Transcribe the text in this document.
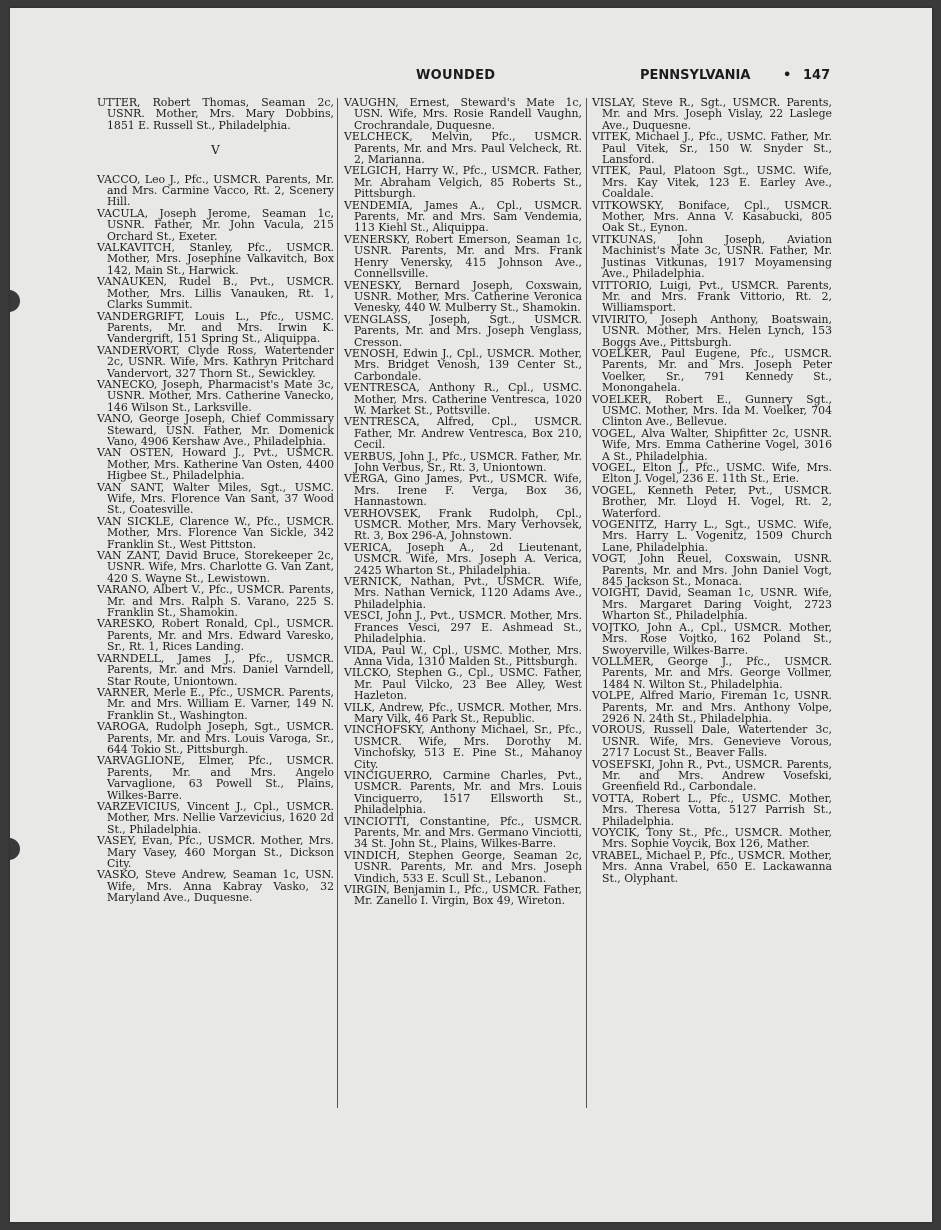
WOUNDED	PENNSYLVANIA	• 147

UTTER, Robert Thomas, Seaman 2c, USNR. Mother, Mrs. Mary Dobbins, 1851 E. Russell St., Philadelphia.

V

VACCO, Leo J., Pfc., USMCR. Parents, Mr. and Mrs. Carmine Vacco, Rt. 2, Scenery Hill.

VACULA, Joseph Jerome, Seaman 1c, USNR. Father, Mr. John Vacula, 215 Orchard St., Exeter.

VALKAVITCH, Stanley, Pfc., USMCR. Mother, Mrs. Josephine Valkavitch, Box 142, Main St., Harwick.

VANAUKEN, Rudel B., Pvt., USMCR. Mother, Mrs. Lillis Vanauken, Rt. 1, Clarks Summit.

VANDERGRIFT, Louis L., Pfc., USMC. Parents, Mr. and Mrs. Irwin K. Vandergrift, 151 Spring St., Aliquippa.

VANDERVORT, Clyde Ross, Watertender 2c, USNR. Wife, Mrs. Kathryn Pritchard Vandervort, 327 Thorn St., Sewickley.

VANECKO, Joseph, Pharmacist's Mate 3c, USNR. Mother, Mrs. Catherine Vanecko, 146 Wilson St., Larksville.

VANO, George Joseph, Chief Commissary Steward, USN. Father, Mr. Domenick Vano, 4906 Kershaw Ave., Philadelphia.

VAN OSTEN, Howard J., Pvt., USMCR. Mother, Mrs. Katherine Van Osten, 4400 Higbee St., Philadelphia.

VAN SANT, Walter Miles, Sgt., USMC. Wife, Mrs. Florence Van Sant, 37 Wood St., Coatesville.

VAN SICKLE, Clarence W., Pfc., USMCR. Mother, Mrs. Florence Van Sickle, 342 Franklin St., West Pittston.

VAN ZANT, David Bruce, Storekeeper 2c, USNR. Wife, Mrs. Charlotte G. Van Zant, 420 S. Wayne St., Lewistown.

VARANO, Albert V., Pfc., USMCR. Parents, Mr. and Mrs. Ralph S. Varano, 225 S. Franklin St., Shamokin.

VARESKO, Robert Ronald, Cpl., USMCR. Parents, Mr. and Mrs. Edward Varesko, Sr., Rt. 1, Rices Landing.

VARNDELL, James J., Pfc., USMCR. Parents, Mr. and Mrs. Daniel Varndell, Star Route, Uniontown.

VARNER, Merle E., Pfc., USMCR. Parents, Mr. and Mrs. William E. Varner, 149 N. Franklin St., Washington.

VAROGA, Rudolph Joseph, Sgt., USMCR. Parents, Mr. and Mrs. Louis Varoga, Sr., 644 Tokio St., Pittsburgh.

VARVAGLIONE, Elmer, Pfc., USMCR. Parents, Mr. and Mrs. Angelo Varvaglione, 63 Powell St., Plains, Wilkes-Barre.

VARZEVICIUS, Vincent J., Cpl., USMCR. Mother, Mrs. Nellie Varzevicius, 1620 2d St., Philadelphia.

VASEY, Evan, Pfc., USMCR. Mother, Mrs. Mary Vasey, 460 Morgan St., Dickson City.

VASKO, Steve Andrew, Seaman 1c, USN. Wife, Mrs. Anna Kabray Vasko, 32 Maryland Ave., Duquesne.

VAUGHN, Ernest, Steward's Mate 1c, USN. Wife, Mrs. Rosie Randell Vaughn, Crochrandale, Duquesne.

VELCHECK, Melvin, Pfc., USMCR. Parents, Mr. and Mrs. Paul Velcheck, Rt. 2, Marianna.

VELGICH, Harry W., Pfc., USMCR. Father, Mr. Abraham Velgich, 85 Roberts St., Pittsburgh.

VENDEMIA, James A., Cpl., USMCR. Parents, Mr. and Mrs. Sam Vendemia, 113 Kiehl St., Aliquippa.

VENERSKY, Robert Emerson, Seaman 1c, USNR. Parents, Mr. and Mrs. Frank Henry Venersky, 415 Johnson Ave., Connellsville.

VENESKY, Bernard Joseph, Coxswain, USNR. Mother, Mrs. Catherine Veronica Venesky, 440 W. Mulberry St., Shamokin.

VENGLASS, Joseph, Sgt., USMCR. Parents, Mr. and Mrs. Joseph Venglass, Cresson.

VENOSH, Edwin J., Cpl., USMCR. Mother, Mrs. Bridget Venosh, 139 Center St., Carbondale.

VENTRESCA, Anthony R., Cpl., USMC. Mother, Mrs. Catherine Ventresca, 1020 W. Market St., Pottsville.

VENTRESCA, Alfred, Cpl., USMCR. Father, Mr. Andrew Ventresca, Box 210, Cecil.

VERBUS, John J., Pfc., USMCR. Father, Mr. John Verbus, Sr., Rt. 3, Uniontown.

VERGA, Gino James, Pvt., USMCR. Wife, Mrs. Irene F. Verga, Box 36, Hannastown.

VERHOVSEK, Frank Rudolph, Cpl., USMCR. Mother, Mrs. Mary Verhovsek, Rt. 3, Box 296-A, Johnstown.

VERICA, Joseph A., 2d Lieutenant, USMCR. Wife, Mrs. Joseph A. Verica, 2425 Wharton St., Philadelphia.

VERNICK, Nathan, Pvt., USMCR. Wife, Mrs. Nathan Vernick, 1120 Adams Ave., Philadelphia.

VESCI, John J., Pvt., USMCR. Mother, Mrs. Frances Vesci, 297 E. Ashmead St., Philadelphia.

VIDA, Paul W., Cpl., USMC. Mother, Mrs. Anna Vida, 1310 Malden St., Pittsburgh.

VILCKO, Stephen G., Cpl., USMC. Father, Mr. Paul Vilcko, 23 Bee Alley, West Hazleton.

VILK, Andrew, Pfc., USMCR. Mother, Mrs. Mary Vilk, 46 Park St., Republic.

VINCHOFSKY, Anthony Michael, Sr., Pfc., USMCR. Wife, Mrs. Dorothy M. Vinchofsky, 513 E. Pine St., Mahanoy City.

VINCIGUERRO, Carmine Charles, Pvt., USMCR. Parents, Mr. and Mrs. Louis Vinciguerro, 1517 Ellsworth St., Philadelphia.

VINCIOTTI, Constantine, Pfc., USMCR. Parents, Mr. and Mrs. Germano Vinciotti, 34 St. John St., Plains, Wilkes-Barre.

VINDICH, Stephen George, Seaman 2c, USNR. Parents, Mr. and Mrs. Joseph Vindich, 533 E. Scull St., Lebanon.

VIRGIN, Benjamin I., Pfc., USMCR. Father, Mr. Zanello I. Virgin, Box 49, Wireton.

VISLAY, Steve R., Sgt., USMCR. Parents, Mr. and Mrs. Joseph Vislay, 22 Laslege Ave., Duquesne.

VITEK, Michael J., Pfc., USMC. Father, Mr. Paul Vitek, Sr., 150 W. Snyder St., Lansford.

VITEK, Paul, Platoon Sgt., USMC. Wife, Mrs. Kay Vitek, 123 E. Earley Ave., Coaldale.

VITKOWSKY, Boniface, Cpl., USMCR. Mother, Mrs. Anna V. Kasabucki, 805 Oak St., Eynon.

VITKUNAS, John Joseph, Aviation Machinist's Mate 3c, USNR. Father, Mr. Justinas Vitkunas, 1917 Moyamensing Ave., Philadelphia.

VITTORIO, Luigi, Pvt., USMCR. Parents, Mr. and Mrs. Frank Vittorio, Rt. 2, Williamsport.

VIVIRITO, Joseph Anthony, Boatswain, USNR. Mother, Mrs. Helen Lynch, 153 Boggs Ave., Pittsburgh.

VOELKER, Paul Eugene, Pfc., USMCR. Parents, Mr. and Mrs. Joseph Peter Voelker, Sr., 791 Kennedy St., Monongahela.

VOELKER, Robert E., Gunnery Sgt., USMC. Mother, Mrs. Ida M. Voelker, 704 Clinton Ave., Bellevue.

VOGEL, Alva Walter, Shipfitter 2c, USNR. Wife, Mrs. Emma Catherine Vogel, 3016 A St., Philadelphia.

VOGEL, Elton J., Pfc., USMC. Wife, Mrs. Elton J. Vogel, 236 E. 11th St., Erie.

VOGEL, Kenneth Peter, Pvt., USMCR. Brother, Mr. Lloyd H. Vogel, Rt. 2, Waterford.

VOGENITZ, Harry L., Sgt., USMC. Wife, Mrs. Harry L. Vogenitz, 1509 Church Lane, Philadelphia.

VOGT, John Reuel, Coxswain, USNR. Parents, Mr. and Mrs. John Daniel Vogt, 845 Jackson St., Monaca.

VOIGHT, David, Seaman 1c, USNR. Wife, Mrs. Margaret Daring Voight, 2723 Wharton St., Philadelphia.

VOJTKO, John A., Cpl., USMCR. Mother, Mrs. Rose Vojtko, 162 Poland St., Swoyerville, Wilkes-Barre.

VOLLMER, George J., Pfc., USMCR. Parents, Mr. and Mrs. George Vollmer, 1484 N. Wilton St., Philadelphia.

VOLPE, Alfred Mario, Fireman 1c, USNR. Parents, Mr. and Mrs. Anthony Volpe, 2926 N. 24th St., Philadelphia.

VOROUS, Russell Dale, Watertender 3c, USNR. Wife, Mrs. Genevieve Vorous, 2717 Locust St., Beaver Falls.

VOSEFSKI, John R., Pvt., USMCR. Parents, Mr. and Mrs. Andrew Vosefski, Greenfield Rd., Carbondale.

VOTTA, Robert L., Pfc., USMC. Mother, Mrs. Theresa Votta, 5127 Parrish St., Philadelphia.

VOYCIK, Tony St., Pfc., USMCR. Mother, Mrs. Sophie Voycik, Box 126, Mather.

VRABEL, Michael P., Pfc., USMCR. Mother, Mrs. Anna Vrabel, 650 E. Lackawanna St., Olyphant.
